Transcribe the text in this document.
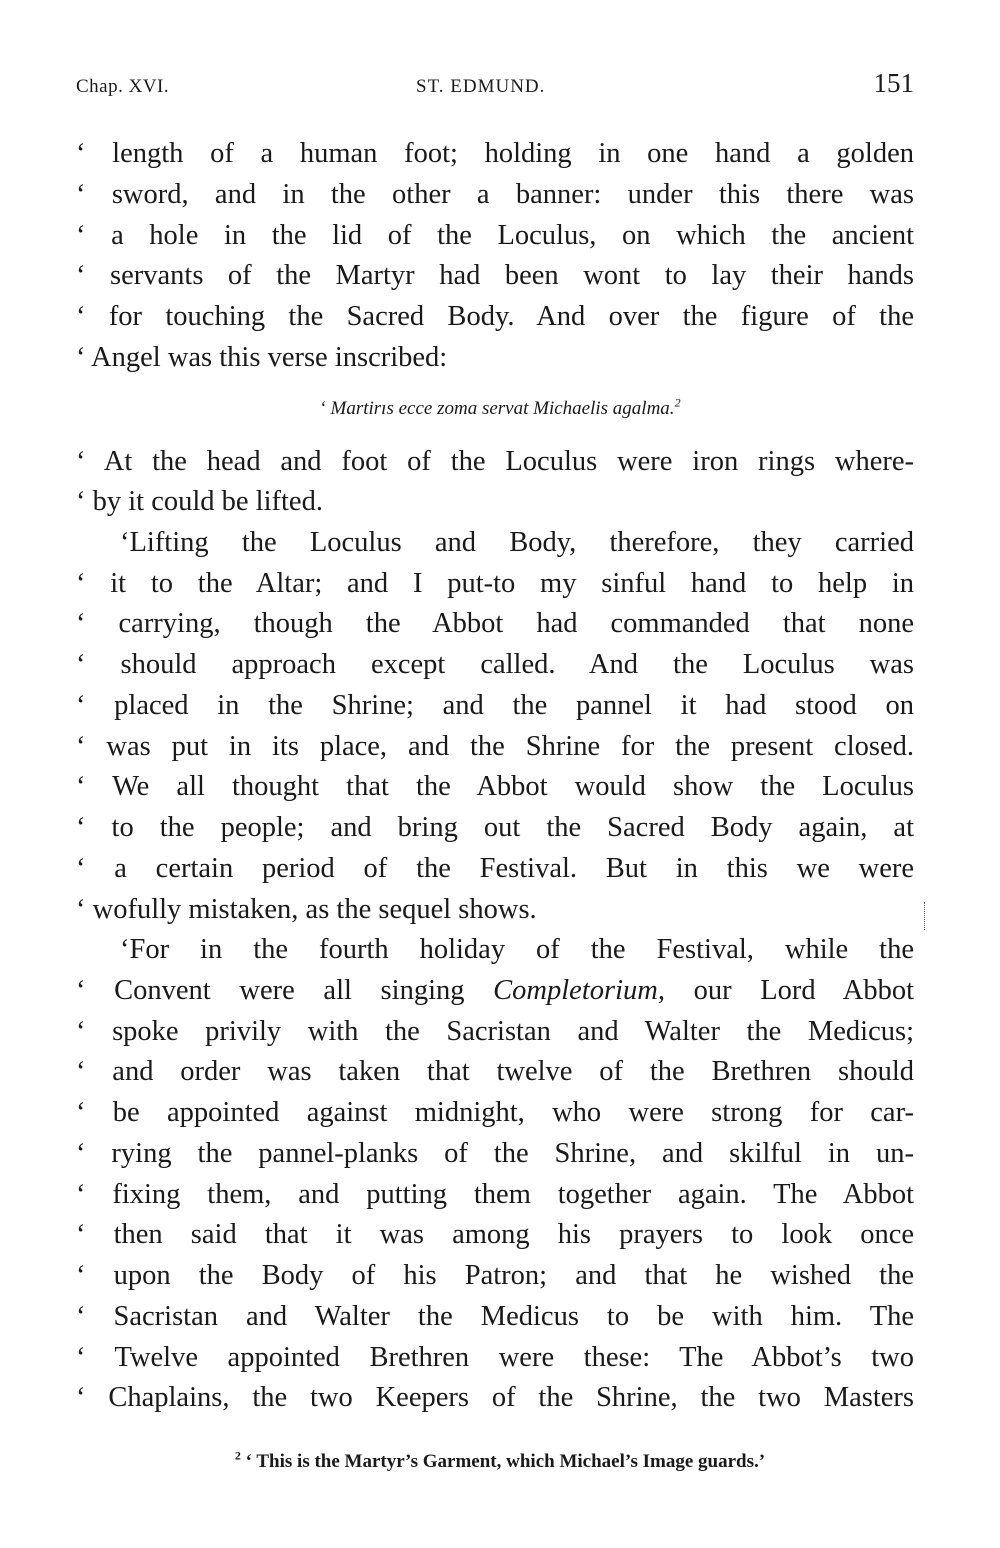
Chap. XVI.	ST. EDMUND.	151
‘ length of a human foot; holding in one hand a golden
‘ sword, and in the other a banner: under this there was
‘ a hole in the lid of the Loculus, on which the ancient
‘ servants of the Martyr had been wont to lay their hands
‘ for touching the Sacred Body. And over the figure of the
‘ Angel was this verse inscribed:
‘ Martirıs ecce zoma servat Michaelis agalma.$^2$
‘ At the head and foot of the Loculus were iron rings where-
‘ by it could be lifted.
‘Lifting the Loculus and Body, therefore, they carried
‘ it to the Altar; and I put-to my sinful hand to help in
‘ carrying, though the Abbot had commanded that none
‘ should approach except called. And the Loculus was
‘ placed in the Shrine; and the pannel it had stood on
‘ was put in its place, and the Shrine for the present closed.
‘ We all thought that the Abbot would show the Loculus
‘ to the people; and bring out the Sacred Body again, at
‘ a certain period of the Festival. But in this we were
‘ wofully mistaken, as the sequel shows.
‘For in the fourth holiday of the Festival, while the
‘ Convent were all singing Completorium, our Lord Abbot
‘ spoke privily with the Sacristan and Walter the Medicus;
‘ and order was taken that twelve of the Brethren should
‘ be appointed against midnight, who were strong for car-
‘ rying the pannel-planks of the Shrine, and skilful in un-
‘ fixing them, and putting them together again. The Abbot
‘ then said that it was among his prayers to look once
‘ upon the Body of his Patron; and that he wished the
‘ Sacristan and Walter the Medicus to be with him. The
‘ Twelve appointed Brethren were these: The Abbot’s two
‘ Chaplains, the two Keepers of the Shrine, the two Masters
$^2$ ‘ This is the Martyr’s Garment, which Michael’s Image guards.’
